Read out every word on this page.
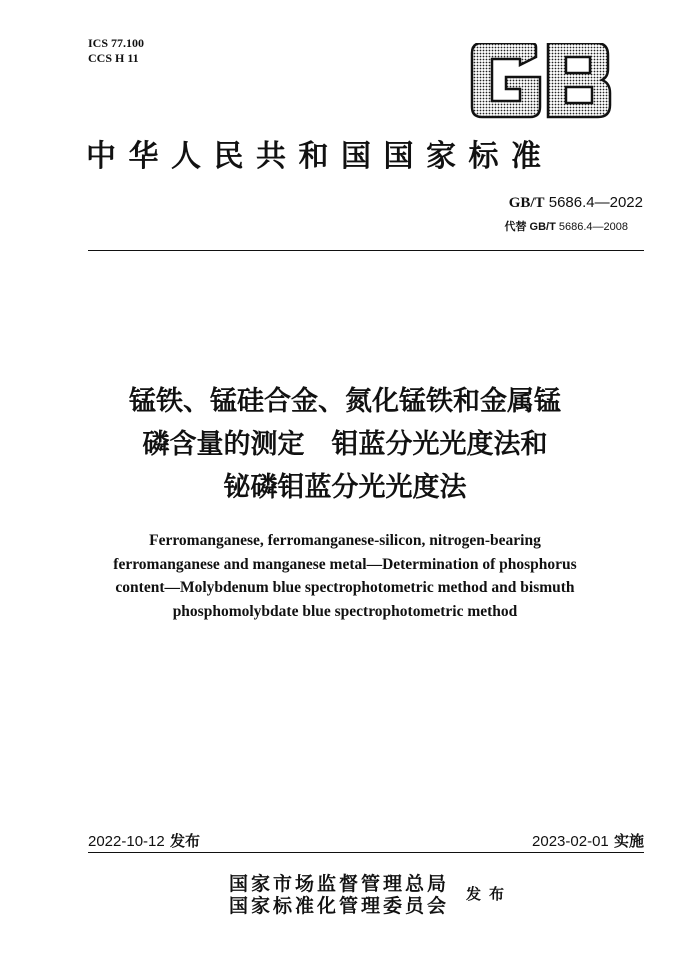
ICS 77.100
CCS H 11
中华人民共和国国家标准
GB/T 5686.4—2022
代替 GB/T 5686.4—2008
锰铁、锰硅合金、氮化锰铁和金属锰
磷含量的测定　钼蓝分光光度法和
铋磷钼蓝分光光度法
Ferromanganese, ferromanganese-silicon, nitrogen-bearing
ferromanganese and manganese metal—Determination of phosphorus
content—Molybdenum blue spectrophotometric method and bismuth
phosphomolybdate blue spectrophotometric method
2022-10-12 发布	2023-02-01 实施
国家市场监督管理总局
国家标准化管理委员会
发布
